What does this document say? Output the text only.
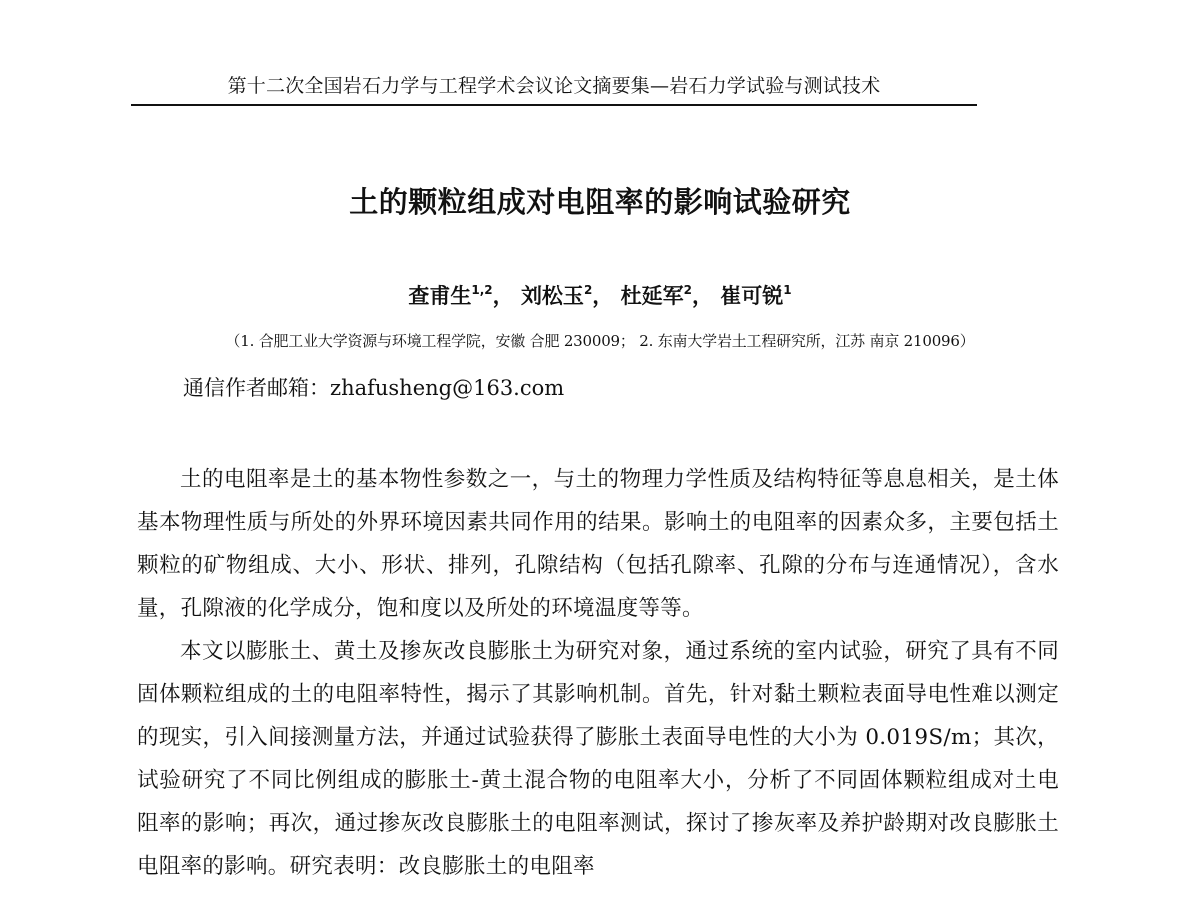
第十二次全国岩石力学与工程学术会议论文摘要集—岩石力学试验与测试技术
土的颗粒组成对电阻率的影响试验研究
查甫生$^{1,2}$， 刘松玉$^2$， 杜延军$^2$， 崔可锐$^1$
（1. 合肥工业大学资源与环境工程学院，安徽 合肥 230009； 2. 东南大学岩土工程研究所，江苏 南京 210096）
通信作者邮箱：zhafusheng@163.com

土的电阻率是土的基本物性参数之一，与土的物理力学性质及结构特征等息息相关，是土体基本物理性质与所处的外界环境因素共同作用的结果。影响土的电阻率的因素众多，主要包括土颗粒的矿物组成、大小、形状、排列，孔隙结构（包括孔隙率、孔隙的分布与连通情况），含水量，孔隙液的化学成分，饱和度以及所处的环境温度等等。

本文以膨胀土、黄土及掺灰改良膨胀土为研究对象，通过系统的室内试验，研究了具有不同固体颗粒组成的土的电阻率特性，揭示了其影响机制。首先，针对黏土颗粒表面导电性难以测定的现实，引入间接测量方法，并通过试验获得了膨胀土表面导电性的大小为 0.019S/m；其次，试验研究了不同比例组成的膨胀土-黄土混合物的电阻率大小，分析了不同固体颗粒组成对土电阻率的影响；再次，通过掺灰改良膨胀土的电阻率测试，探讨了掺灰率及养护龄期对改良膨胀土电阻率的影响。研究表明：改良膨胀土的电阻率
